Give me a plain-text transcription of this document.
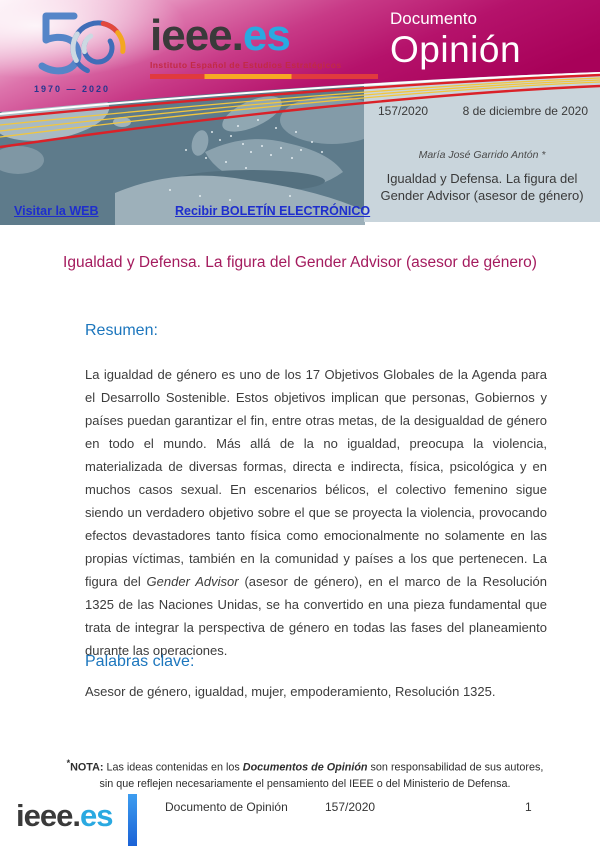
1970 — 2020
ieee.es
Instituto Español de Estudios Estratégicos
Documento
Opinión
Visitar la WEB	Recibir BOLETÍN ELECTRÓNICO
157/2020	8 de diciembre de 2020
María José Garrido Antón *
Igualdad y Defensa. La figura del
Gender Advisor (asesor de género)
Igualdad y Defensa. La figura del Gender Advisor (asesor de género)
Resumen:

La igualdad de género es uno de los 17 Objetivos Globales de la Agenda para el Desarrollo Sostenible. Estos objetivos implican que personas, Gobiernos y países puedan garantizar el fin, entre otras metas, de la desigualdad de género en todo el mundo. Más allá de la no igualdad, preocupa la violencia, materializada de diversas formas, directa e indirecta, física, psicológica y en muchos casos sexual. En escenarios bélicos, el colectivo femenino sigue siendo un verdadero objetivo sobre el que se proyecta la violencia, provocando efectos devastadores tanto física como emocionalmente no solamente en las propias víctimas, también en la comunidad y países a los que pertenecen. La figura del Gender Advisor (asesor de género), en el marco de la Resolución 1325 de las Naciones Unidas, se ha convertido en una pieza fundamental que trata de integrar la perspectiva de género en todas las fases del planeamiento durante las operaciones.

Palabras clave:
Asesor de género, igualdad, mujer, empoderamiento, Resolución 1325.

*NOTA: Las ideas contenidas en los Documentos de Opinión son responsabilidad de sus autores, sin que reflejen necesariamente el pensamiento del IEEE o del Ministerio de Defensa.

ieee.es	Documento de Opinión	157/2020	1
